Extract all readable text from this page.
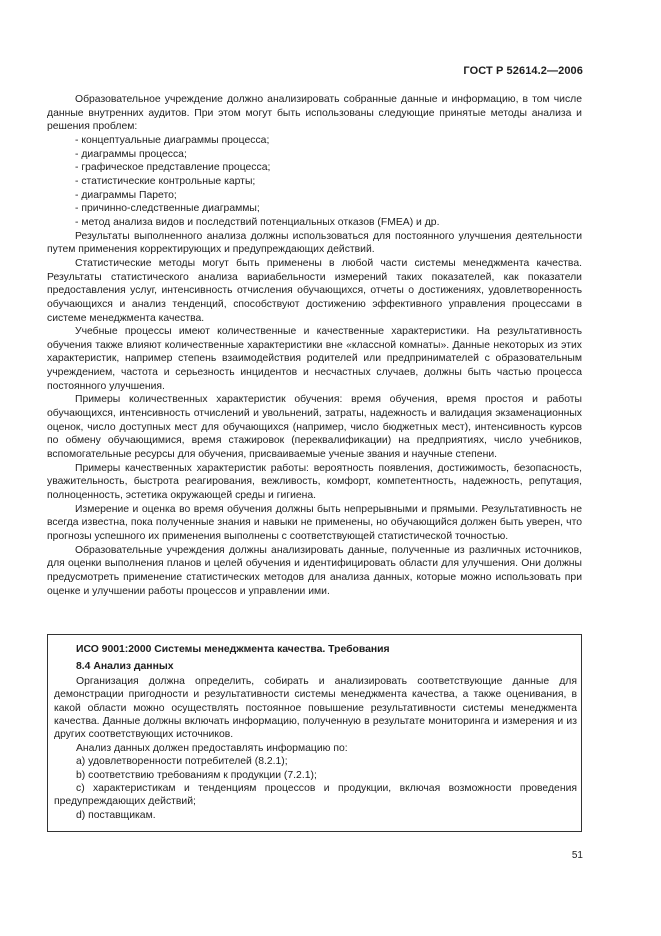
ГОСТ Р 52614.2—2006

Образовательное учреждение должно анализировать собранные данные и информацию, в том числе данные внутренних аудитов. При этом могут быть использованы следующие принятые методы анализа и решения проблем:

- концептуальные диаграммы процесса;
- диаграммы процесса;
- графическое представление процесса;
- статистические контрольные карты;
- диаграммы Парето;
- причинно-следственные диаграммы;
- метод анализа видов и последствий потенциальных отказов (FMEA) и др.

Результаты выполненного анализа должны использоваться для постоянного улучшения деятельности путем применения корректирующих и предупреждающих действий.

Статистические методы могут быть применены в любой части системы менеджмента качества. Результаты статистического анализа вариабельности измерений таких показателей, как показатели предоставления услуг, интенсивность отчисления обучающихся, отчеты о достижениях, удовлетворенность обучающихся и анализ тенденций, способствуют достижению эффективного управления процессами в системе менеджмента качества.

Учебные процессы имеют количественные и качественные характеристики. На результативность обучения также влияют количественные характеристики вне «классной комнаты». Данные некоторых из этих характеристик, например степень взаимодействия родителей или предпринимателей с образовательным учреждением, частота и серьезность инцидентов и несчастных случаев, должны быть частью процесса постоянного улучшения.

Примеры количественных характеристик обучения: время обучения, время простоя и работы обучающихся, интенсивность отчислений и увольнений, затраты, надежность и валидация экзаменационных оценок, число доступных мест для обучающихся (например, число бюджетных мест), интенсивность курсов по обмену обучающимися, время стажировок (переквалификации) на предприятиях, число учебников, вспомогательные ресурсы для обучения, присваиваемые ученые звания и научные степени.

Примеры качественных характеристик работы: вероятность появления, достижимость, безопасность, уважительность, быстрота реагирования, вежливость, комфорт, компетентность, надежность, репутация, полноценность, эстетика окружающей среды и гигиена.

Измерение и оценка во время обучения должны быть непрерывными и прямыми. Результативность не всегда известна, пока полученные знания и навыки не применены, но обучающийся должен быть уверен, что прогнозы успешного их применения выполнены с соответствующей статистической точностью.

Образовательные учреждения должны анализировать данные, полученные из различных источников, для оценки выполнения планов и целей обучения и идентифицировать области для улучшения. Они должны предусмотреть применение статистических методов для анализа данных, которые можно использовать при оценке и улучшении работы процессов и управлении ими.

ИСО 9001:2000 Системы менеджмента качества. Требования
8.4 Анализ данных

Организация должна определить, собирать и анализировать соответствующие данные для демонстрации пригодности и результативности системы менеджмента качества, а также оценивания, в какой области можно осуществлять постоянное повышение результативности системы менеджмента качества. Данные должны включать информацию, полученную в результате мониторинга и измерения и из других соответствующих источников.

Анализ данных должен предоставлять информацию по:

a) удовлетворенности потребителей (8.2.1);
b) соответствию требованиям к продукции (7.2.1);
c) характеристикам и тенденциям процессов и продукции, включая возможности проведения предупреждающих действий;
d) поставщикам.
51
